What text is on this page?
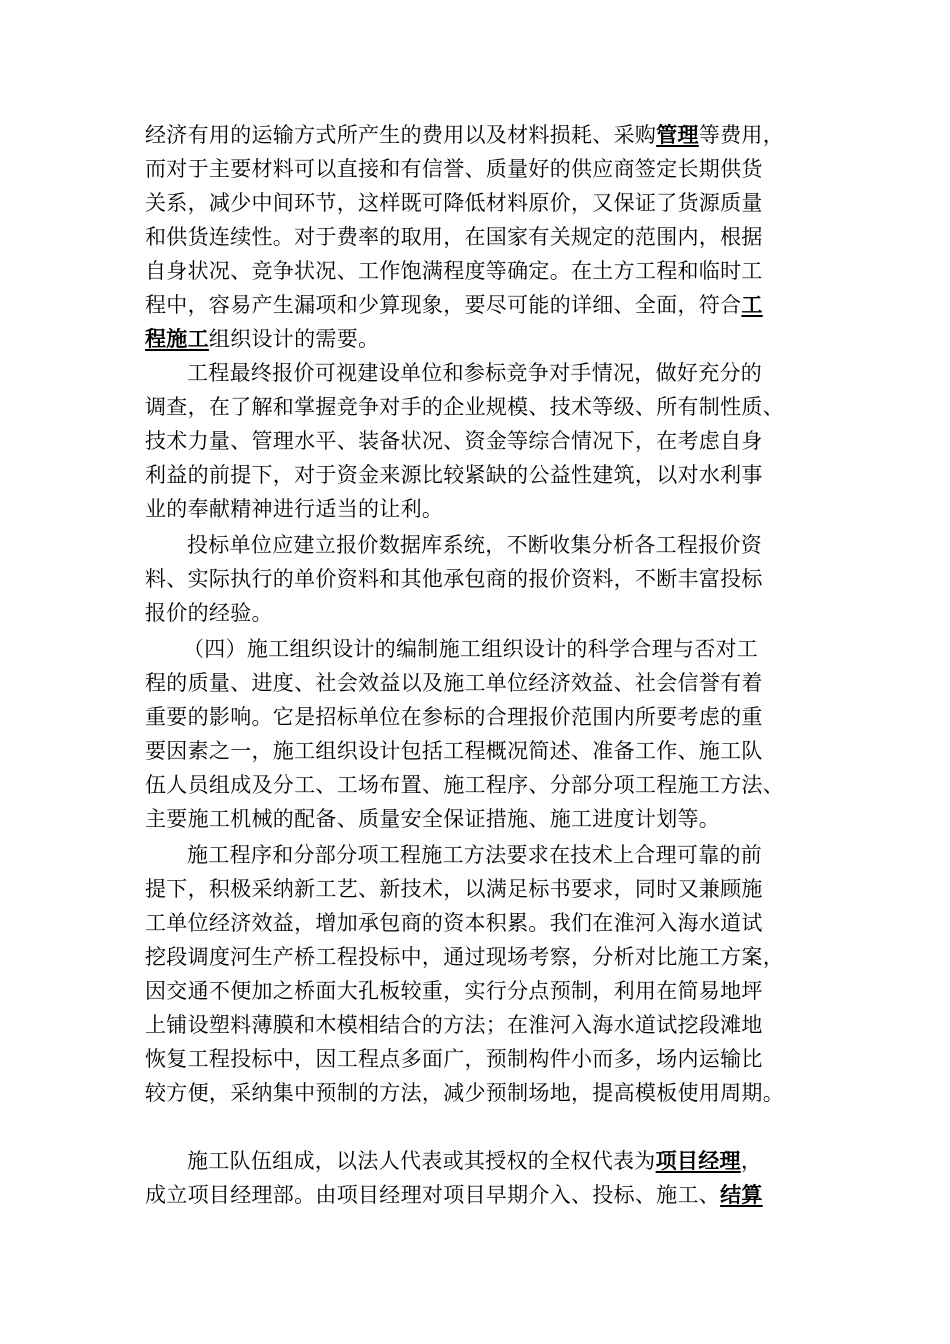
经济有用的运输方式所产生的费用以及材料损耗、采购管理等费用，
而对于主要材料可以直接和有信誉、质量好的供应商签定长期供货
关系，减少中间环节，这样既可降低材料原价，又保证了货源质量
和供货连续性。对于费率的取用，在国家有关规定的范围内，根据
自身状况、竞争状况、工作饱满程度等确定。在土方工程和临时工
程中，容易产生漏项和少算现象，要尽可能的详细、全面，符合工
程施工组织设计的需要。
工程最终报价可视建设单位和参标竞争对手情况，做好充分的
调查，在了解和掌握竞争对手的企业规模、技术等级、所有制性质、
技术力量、管理水平、装备状况、资金等综合情况下，在考虑自身
利益的前提下，对于资金来源比较紧缺的公益性建筑，以对水利事
业的奉献精神进行适当的让利。
投标单位应建立报价数据库系统，不断收集分析各工程报价资
料、实际执行的单价资料和其他承包商的报价资料，不断丰富投标
报价的经验。
（四）施工组织设计的编制施工组织设计的科学合理与否对工
程的质量、进度、社会效益以及施工单位经济效益、社会信誉有着
重要的影响。它是招标单位在参标的合理报价范围内所要考虑的重
要因素之一，施工组织设计包括工程概况简述、准备工作、施工队
伍人员组成及分工、工场布置、施工程序、分部分项工程施工方法、
主要施工机械的配备、质量安全保证措施、施工进度计划等。
施工程序和分部分项工程施工方法要求在技术上合理可靠的前
提下，积极采纳新工艺、新技术，以满足标书要求，同时又兼顾施
工单位经济效益，增加承包商的资本积累。我们在淮河入海水道试
挖段调度河生产桥工程投标中，通过现场考察，分析对比施工方案，
因交通不便加之桥面大孔板较重，实行分点预制，利用在简易地坪
上铺设塑料薄膜和木模相结合的方法；在淮河入海水道试挖段滩地
恢复工程投标中，因工程点多面广，预制构件小而多，场内运输比
较方便，采纳集中预制的方法，减少预制场地，提高模板使用周期。
施工队伍组成，以法人代表或其授权的全权代表为项目经理，
成立项目经理部。由项目经理对项目早期介入、投标、施工、结算
